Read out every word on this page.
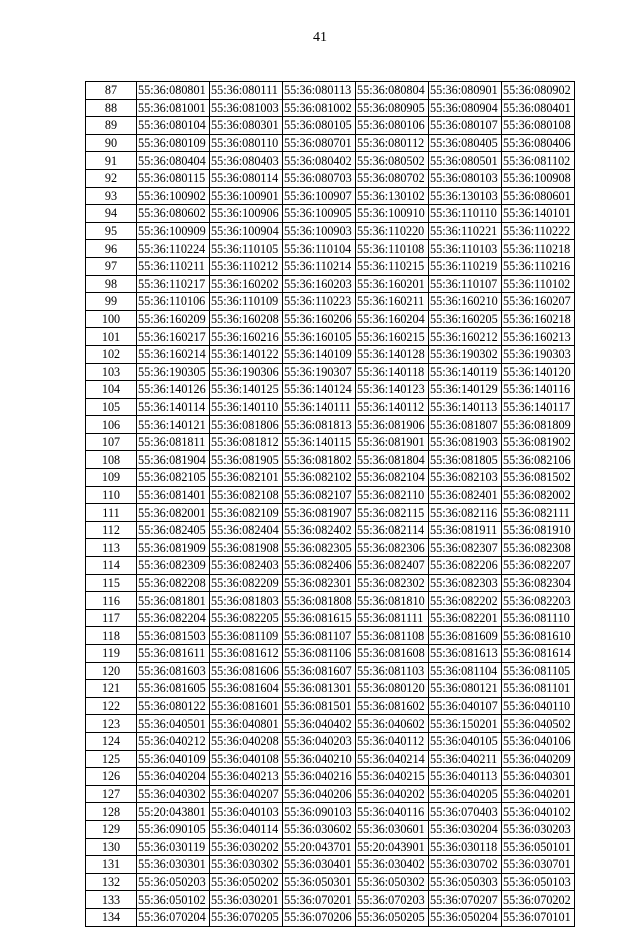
41
87	55:36:080801	55:36:080111	55:36:080113	55:36:080804	55:36:080901	55:36:080902
88	55:36:081001	55:36:081003	55:36:081002	55:36:080905	55:36:080904	55:36:080401
89	55:36:080104	55:36:080301	55:36:080105	55:36:080106	55:36:080107	55:36:080108
90	55:36:080109	55:36:080110	55:36:080701	55:36:080112	55:36:080405	55:36:080406
91	55:36:080404	55:36:080403	55:36:080402	55:36:080502	55:36:080501	55:36:081102
92	55:36:080115	55:36:080114	55:36:080703	55:36:080702	55:36:080103	55:36:100908
93	55:36:100902	55:36:100901	55:36:100907	55:36:130102	55:36:130103	55:36:080601
94	55:36:080602	55:36:100906	55:36:100905	55:36:100910	55:36:110110	55:36:140101
95	55:36:100909	55:36:100904	55:36:100903	55:36:110220	55:36:110221	55:36:110222
96	55:36:110224	55:36:110105	55:36:110104	55:36:110108	55:36:110103	55:36:110218
97	55:36:110211	55:36:110212	55:36:110214	55:36:110215	55:36:110219	55:36:110216
98	55:36:110217	55:36:160202	55:36:160203	55:36:160201	55:36:110107	55:36:110102
99	55:36:110106	55:36:110109	55:36:110223	55:36:160211	55:36:160210	55:36:160207
100	55:36:160209	55:36:160208	55:36:160206	55:36:160204	55:36:160205	55:36:160218
101	55:36:160217	55:36:160216	55:36:160105	55:36:160215	55:36:160212	55:36:160213
102	55:36:160214	55:36:140122	55:36:140109	55:36:140128	55:36:190302	55:36:190303
103	55:36:190305	55:36:190306	55:36:190307	55:36:140118	55:36:140119	55:36:140120
104	55:36:140126	55:36:140125	55:36:140124	55:36:140123	55:36:140129	55:36:140116
105	55:36:140114	55:36:140110	55:36:140111	55:36:140112	55:36:140113	55:36:140117
106	55:36:140121	55:36:081806	55:36:081813	55:36:081906	55:36:081807	55:36:081809
107	55:36:081811	55:36:081812	55:36:140115	55:36:081901	55:36:081903	55:36:081902
108	55:36:081904	55:36:081905	55:36:081802	55:36:081804	55:36:081805	55:36:082106
109	55:36:082105	55:36:082101	55:36:082102	55:36:082104	55:36:082103	55:36:081502
110	55:36:081401	55:36:082108	55:36:082107	55:36:082110	55:36:082401	55:36:082002
111	55:36:082001	55:36:082109	55:36:081907	55:36:082115	55:36:082116	55:36:082111
112	55:36:082405	55:36:082404	55:36:082402	55:36:082114	55:36:081911	55:36:081910
113	55:36:081909	55:36:081908	55:36:082305	55:36:082306	55:36:082307	55:36:082308
114	55:36:082309	55:36:082403	55:36:082406	55:36:082407	55:36:082206	55:36:082207
115	55:36:082208	55:36:082209	55:36:082301	55:36:082302	55:36:082303	55:36:082304
116	55:36:081801	55:36:081803	55:36:081808	55:36:081810	55:36:082202	55:36:082203
117	55:36:082204	55:36:082205	55:36:081615	55:36:081111	55:36:082201	55:36:081110
118	55:36:081503	55:36:081109	55:36:081107	55:36:081108	55:36:081609	55:36:081610
119	55:36:081611	55:36:081612	55:36:081106	55:36:081608	55:36:081613	55:36:081614
120	55:36:081603	55:36:081606	55:36:081607	55:36:081103	55:36:081104	55:36:081105
121	55:36:081605	55:36:081604	55:36:081301	55:36:080120	55:36:080121	55:36:081101
122	55:36:080122	55:36:081601	55:36:081501	55:36:081602	55:36:040107	55:36:040110
123	55:36:040501	55:36:040801	55:36:040402	55:36:040602	55:36:150201	55:36:040502
124	55:36:040212	55:36:040208	55:36:040203	55:36:040112	55:36:040105	55:36:040106
125	55:36:040109	55:36:040108	55:36:040210	55:36:040214	55:36:040211	55:36:040209
126	55:36:040204	55:36:040213	55:36:040216	55:36:040215	55:36:040113	55:36:040301
127	55:36:040302	55:36:040207	55:36:040206	55:36:040202	55:36:040205	55:36:040201
128	55:20:043801	55:36:040103	55:36:090103	55:36:040116	55:36:070403	55:36:040102
129	55:36:090105	55:36:040114	55:36:030602	55:36:030601	55:36:030204	55:36:030203
130	55:36:030119	55:36:030202	55:20:043701	55:20:043901	55:36:030118	55:36:050101
131	55:36:030301	55:36:030302	55:36:030401	55:36:030402	55:36:030702	55:36:030701
132	55:36:050203	55:36:050202	55:36:050301	55:36:050302	55:36:050303	55:36:050103
133	55:36:050102	55:36:030201	55:36:070201	55:36:070203	55:36:070207	55:36:070202
134	55:36:070204	55:36:070205	55:36:070206	55:36:050205	55:36:050204	55:36:070101
